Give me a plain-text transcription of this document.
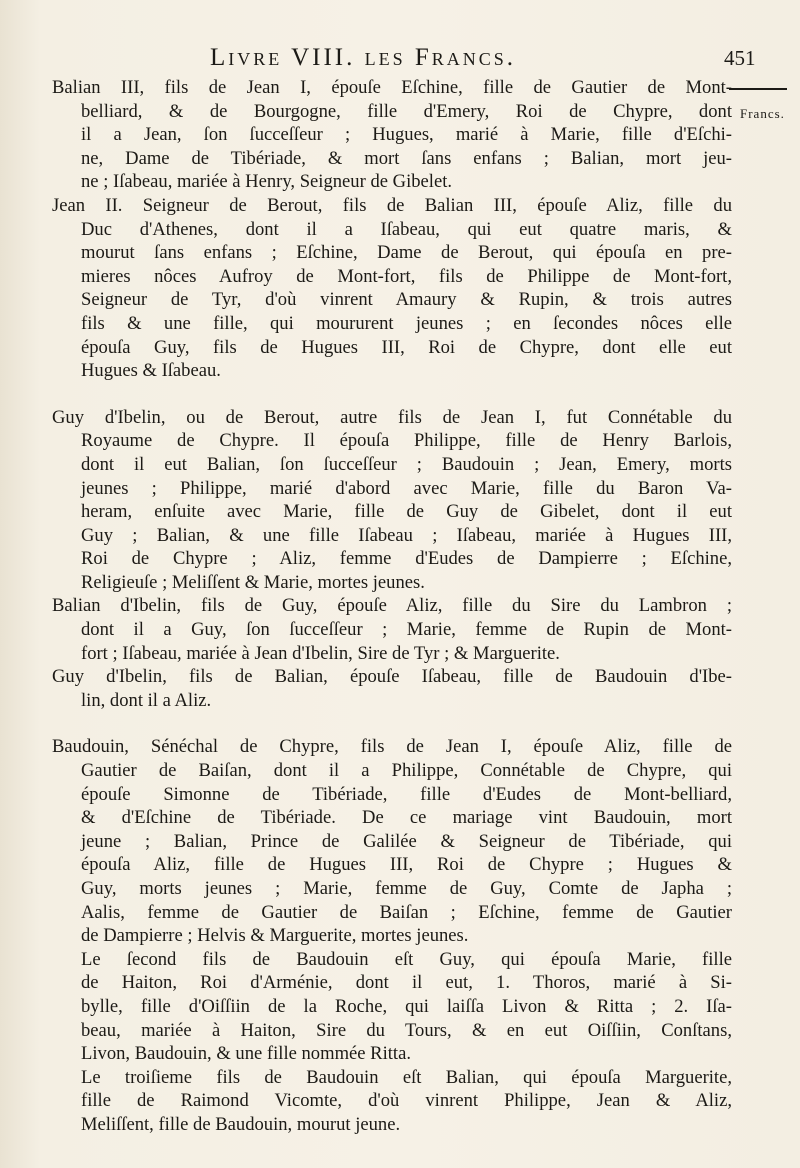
Livre VIII. les Francs.	451
Francs.
Balian III, fils de Jean I, épouſe Eſchine, fille de Gautier de Mont-
belliard, & de Bourgogne, fille d'Emery, Roi de Chypre, dont
il a Jean, ſon ſucceſſeur ; Hugues, marié à Marie, fille d'Eſchi-
ne, Dame de Tibériade, & mort ſans enfans ; Balian, mort jeu-
ne ; Iſabeau, mariée à Henry, Seigneur de Gibelet.
Jean II. Seigneur de Berout, fils de Balian III, épouſe Aliz, fille du
Duc d'Athenes, dont il a Iſabeau, qui eut quatre maris, &
mourut ſans enfans ; Eſchine, Dame de Berout, qui épouſa en pre-
mieres nôces Aufroy de Mont-fort, fils de Philippe de Mont-fort,
Seigneur de Tyr, d'où vinrent Amaury & Rupin, & trois autres
fils & une fille, qui moururent jeunes ; en ſecondes nôces elle
épouſa Guy, fils de Hugues III, Roi de Chypre, dont elle eut
Hugues & Iſabeau.
Guy d'Ibelin, ou de Berout, autre fils de Jean I, fut Connétable du
Royaume de Chypre. Il épouſa Philippe, fille de Henry Barlois,
dont il eut Balian, ſon ſucceſſeur ; Baudouin ; Jean, Emery, morts
jeunes ; Philippe, marié d'abord avec Marie, fille du Baron Va-
heram, enſuite avec Marie, fille de Guy de Gibelet, dont il eut
Guy ; Balian, & une fille Iſabeau ; Iſabeau, mariée à Hugues III,
Roi de Chypre ; Aliz, femme d'Eudes de Dampierre ; Eſchine,
Religieuſe ; Meliſſent & Marie, mortes jeunes.
Balian d'Ibelin, fils de Guy, épouſe Aliz, fille du Sire du Lambron ;
dont il a Guy, ſon ſucceſſeur ; Marie, femme de Rupin de Mont-
fort ; Iſabeau, mariée à Jean d'Ibelin, Sire de Tyr ; & Marguerite.
Guy d'Ibelin, fils de Balian, épouſe Iſabeau, fille de Baudouin d'Ibe-
lin, dont il a Aliz.
Baudouin, Sénéchal de Chypre, fils de Jean I, épouſe Aliz, fille de
Gautier de Baiſan, dont il a Philippe, Connétable de Chypre, qui
épouſe Simonne de Tibériade, fille d'Eudes de Mont-belliard,
& d'Eſchine de Tibériade. De ce mariage vint Baudouin, mort
jeune ; Balian, Prince de Galilée & Seigneur de Tibériade, qui
épouſa Aliz, fille de Hugues III, Roi de Chypre ; Hugues &
Guy, morts jeunes ; Marie, femme de Guy, Comte de Japha ;
Aalis, femme de Gautier de Baiſan ; Eſchine, femme de Gautier
de Dampierre ; Helvis & Marguerite, mortes jeunes.
Le ſecond fils de Baudouin eſt Guy, qui épouſa Marie, fille
de Haiton, Roi d'Arménie, dont il eut, 1. Thoros, marié à Si-
bylle, fille d'Oiſſiin de la Roche, qui laiſſa Livon & Ritta ; 2. Iſa-
beau, mariée à Haiton, Sire du Tours, & en eut Oiſſiin, Conſtans,
Livon, Baudouin, & une fille nommée Ritta.
Le troiſieme fils de Baudouin eſt Balian, qui épouſa Marguerite,
fille de Raimond Vicomte, d'où vinrent Philippe, Jean & Aliz,
Meliſſent, fille de Baudouin, mourut jeune.
